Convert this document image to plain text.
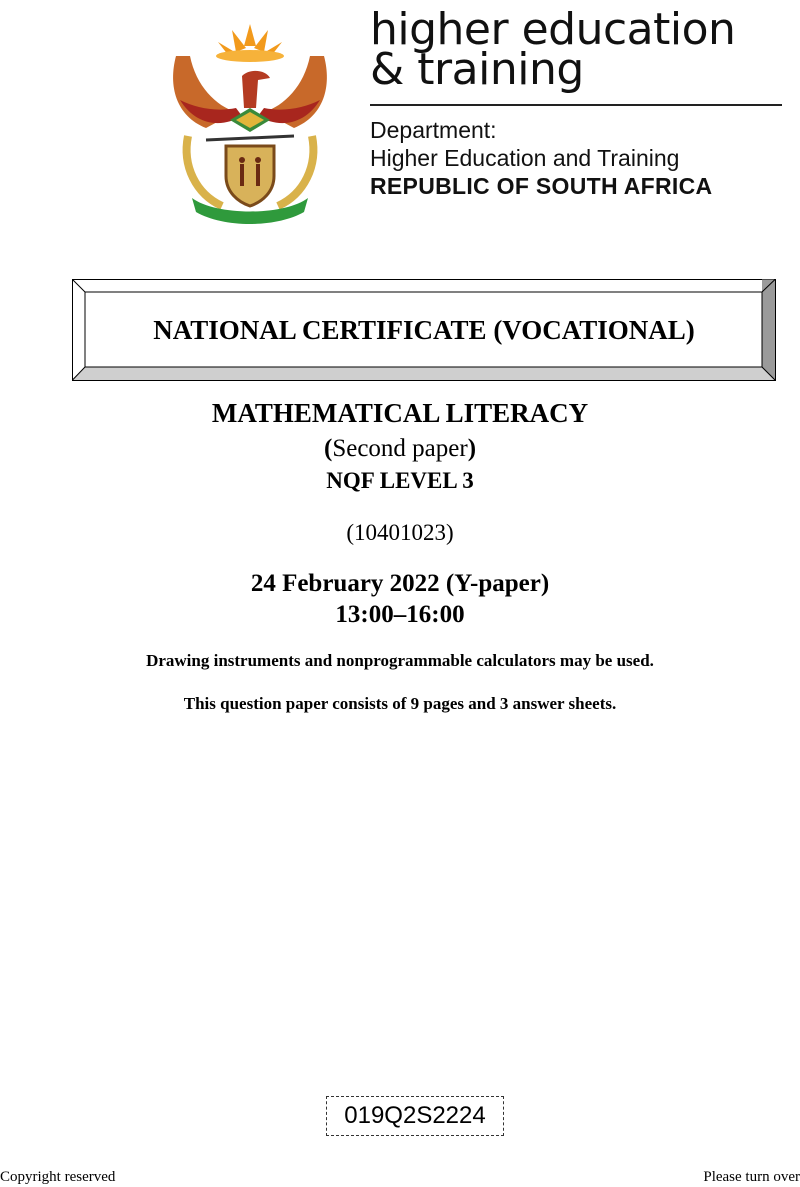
higher education
& training
Department:
Higher Education and Training
REPUBLIC OF SOUTH AFRICA
NATIONAL CERTIFICATE (VOCATIONAL)
MATHEMATICAL LITERACY
(Second paper)
NQF LEVEL 3
(10401023)
24 February 2022 (Y-paper)
13:00–16:00
Drawing instruments and nonprogrammable calculators may be used.
This question paper consists of 9 pages and 3 answer sheets.
019Q2S2224
Copyright reserved	Please turn over
